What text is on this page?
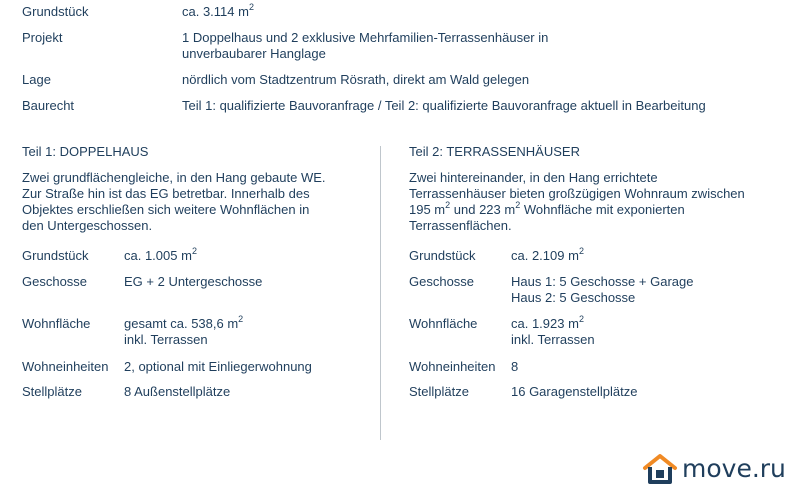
Grundstück	ca. 3.114 $m^2$
Projekt	1 Doppelhaus und 2 exklusive Mehrfamilien-Terrassenhäuser in
unverbaubarer Hanglage
Lage	nördlich vom Stadtzentrum Rösrath, direkt am Wald gelegen
Baurecht	Teil 1: qualifizierte Bauvoranfrage / Teil 2: qualifizierte Bauvoranfrage aktuell in Bearbeitung
Teil 1: DOPPELHAUS
Zwei grundflächengleiche, in den Hang gebaute WE.
Zur Straße hin ist das EG betretbar. Innerhalb des
Objektes erschließen sich weitere Wohnflächen in
den Untergeschossen.
Grundstück	ca. 1.005 $m^2$
Geschosse	EG + 2 Untergeschosse
Wohnfläche	gesamt ca. 538,6 $m^2$
inkl. Terrassen
Wohneinheiten 2, optional mit Einliegerwohnung
Stellplätze	8 Außenstellplätze
Teil 2: TERRASSENHÄUSER
Zwei hintereinander, in den Hang errichtete
Terrassenhäuser bieten großzügigen Wohnraum zwischen
195 $m^2$ und 223 $m^2$ Wohnfläche mit exponierten
Terrassenflächen.
Grundstück	ca. 2.109 $m^2$
Geschosse	Haus 1: 5 Geschosse + Garage
Haus 2: 5 Geschosse
Wohnfläche	ca. 1.923 $m^2$
inkl. Terrassen
Wohneinheiten 8
Stellplätze	16 Garagenstellplätze
move.ru
